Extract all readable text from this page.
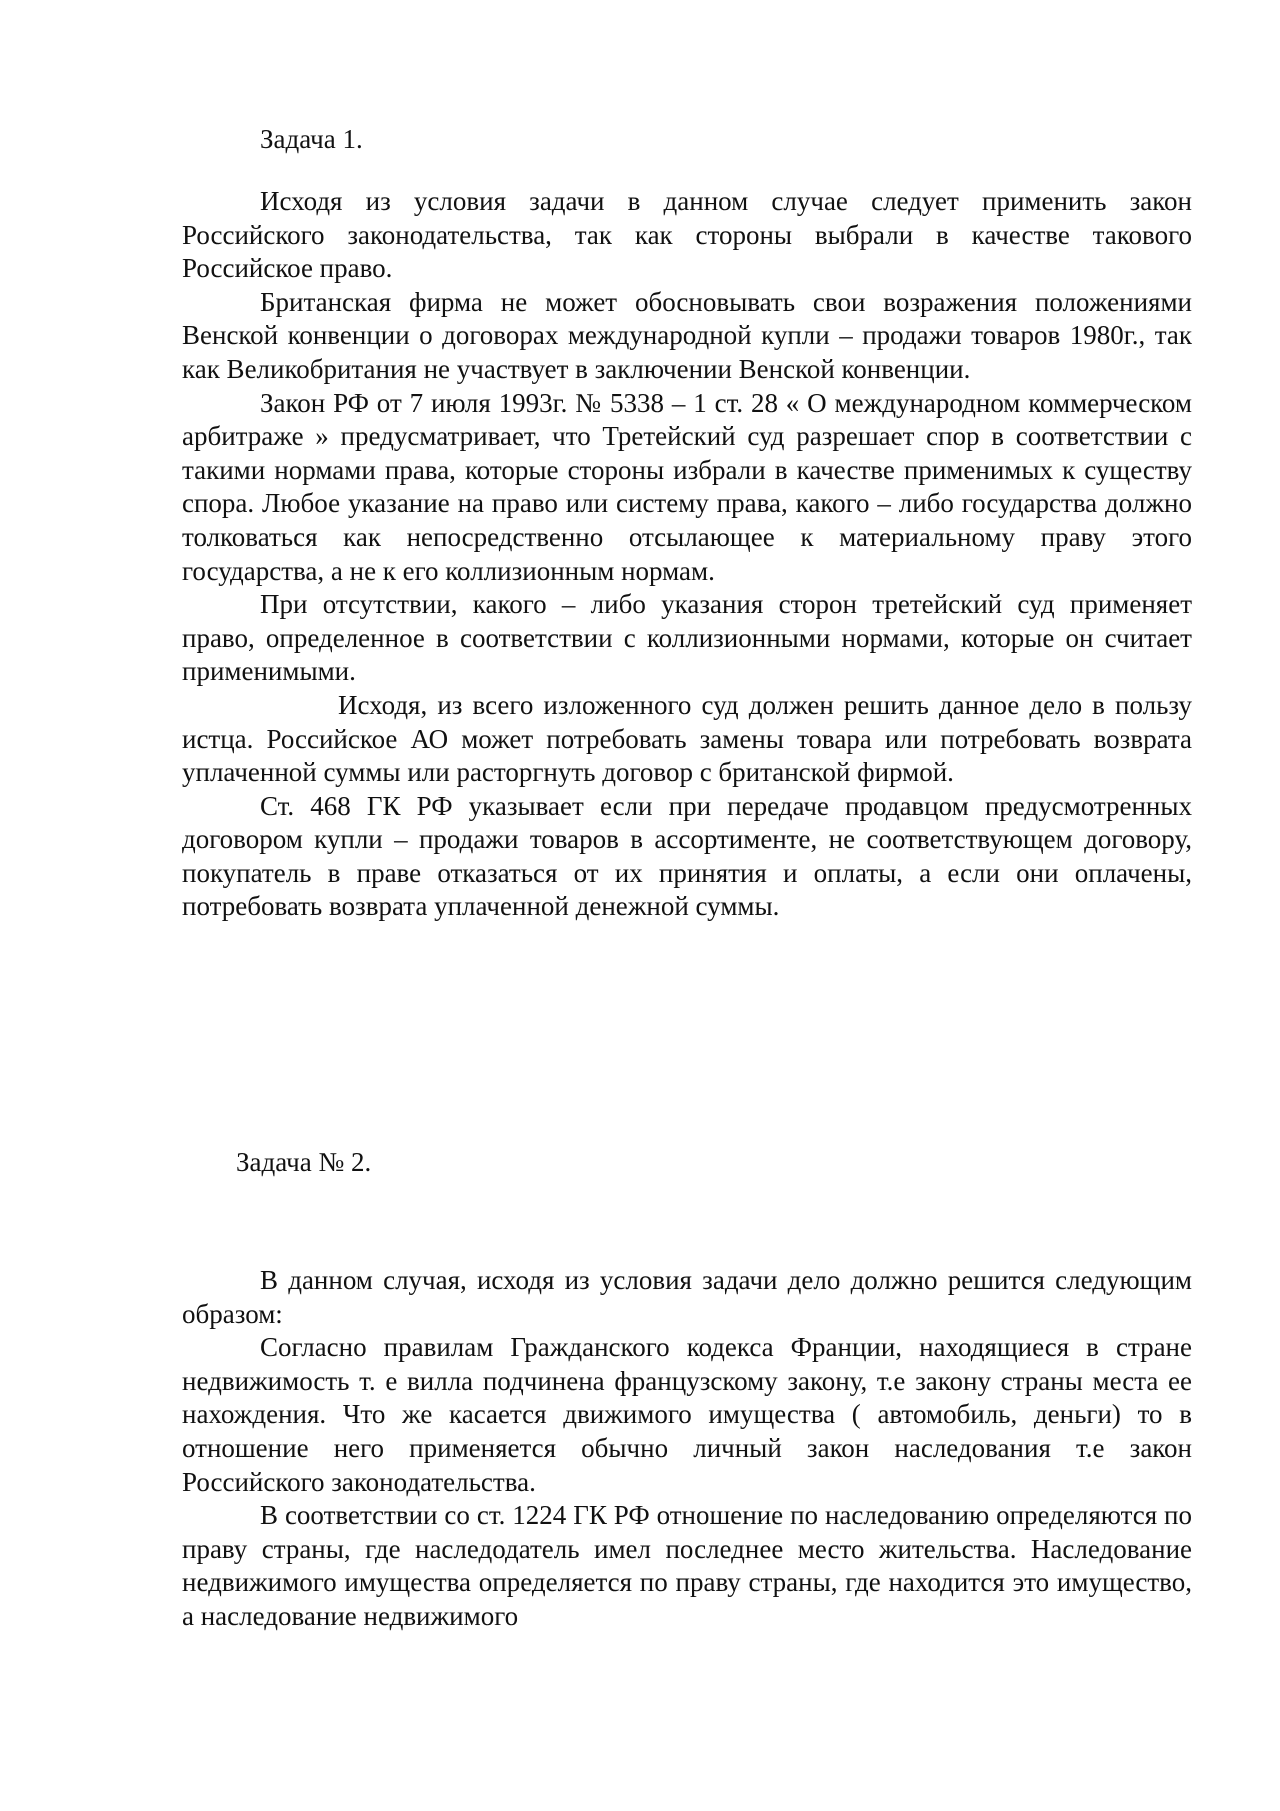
Задача 1.

Исходя из условия задачи в данном случае следует применить закон Российского законодательства, так как стороны выбрали в качестве такового Российское право.

Британская фирма не может обосновывать свои возражения положениями Венской конвенции о договорах международной купли – продажи товаров 1980г., так как Великобритания не участвует в заключении Венской конвенции.

Закон РФ от 7 июля 1993г. № 5338 – 1 ст. 28 « О международном коммерческом арбитраже » предусматривает, что Третейский суд разрешает спор в соответствии с такими нормами права, которые стороны избрали в качестве применимых к существу спора. Любое указание на право или систему права, какого – либо государства должно толковаться как непосредственно отсылающее к материальному праву этого государства, а не к его коллизионным нормам.

При отсутствии, какого – либо указания сторон третейский суд применяет право, определенное в соответствии с коллизионными нормами, которые он считает применимыми.

Исходя, из всего изложенного суд должен решить данное дело в пользу истца. Российское АО может потребовать замены товара или потребовать возврата уплаченной суммы или расторгнуть договор с британской фирмой.

Ст. 468 ГК РФ указывает если при передаче продавцом предусмотренных договором купли – продажи товаров в ассортименте, не соответствующем договору, покупатель в праве отказаться от их принятия и оплаты, а если они оплачены, потребовать возврата уплаченной денежной суммы.

Задача № 2.

В данном случая, исходя из условия задачи дело должно решится следующим образом:

Согласно правилам Гражданского кодекса Франции, находящиеся в стране недвижимость т. е вилла подчинена французскому закону, т.е закону страны места ее нахождения. Что же касается движимого имущества ( автомобиль, деньги) то в отношение него применяется обычно личный закон наследования т.е закон Российского законодательства.

В соответствии со ст. 1224 ГК РФ отношение по наследованию определяются по праву страны, где наследодатель имел последнее место жительства. Наследование недвижимого имущества определяется по праву страны, где находится это имущество, а наследование недвижимого
